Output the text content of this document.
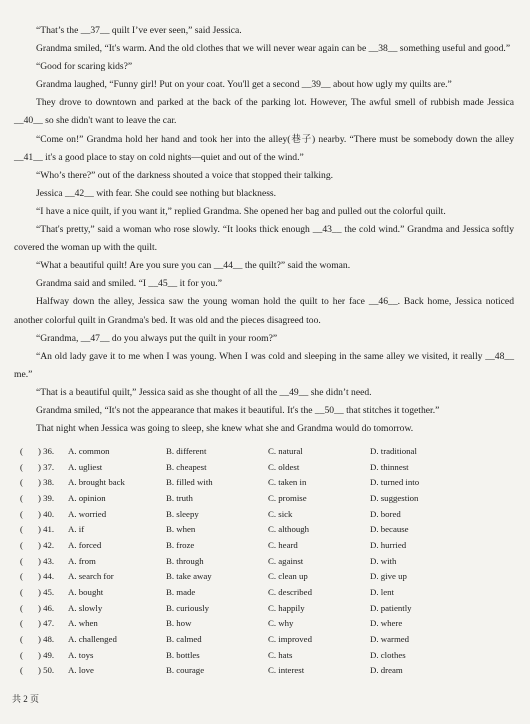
“That’s the __37__ quilt I’ve ever seen,” said Jessica.

Grandma smiled, “It's warm. And the old clothes that we will never wear again can be __38__ something useful and good.”

“Good for scaring kids?”

Grandma laughed, “Funny girl! Put on your coat. You'll get a second __39__ about how ugly my quilts are.”

They drove to downtown and parked at the back of the parking lot. However, The awful smell of rubbish made Jessica __40__ so she didn't want to leave the car.

“Come on!” Grandma hold her hand and took her into the alley(巷子) nearby. “There must be somebody down the alley __41__ it's a good place to stay on cold nights—quiet and out of the wind.”

“Who’s there?” out of the darkness shouted a voice that stopped their talking.

Jessica __42__ with fear. She could see nothing but blackness.

“I have a nice quilt, if you want it,” replied Grandma. She opened her bag and pulled out the colorful quilt.

“That's pretty,” said a woman who rose slowly. “It looks thick enough __43__ the cold wind.” Grandma and Jessica softly covered the woman up with the quilt.

“What a beautiful quilt! Are you sure you can __44__ the quilt?” said the woman.

Grandma said and smiled. “I __45__ it for you.”

Halfway down the alley, Jessica saw the young woman hold the quilt to her face __46__. Back home, Jessica noticed another colorful quilt in Grandma's bed. It was old and the pieces disagreed too.

“Grandma, __47__ do you always put the quilt in your room?”

“An old lady gave it to me when I was young. When I was cold and sleeping in the same alley we visited, it really __48__ me.”

“That is a beautiful quilt,” Jessica said as she thought of all the __49__ she didn’t need.

Grandma smiled, “It's not the appearance that makes it beautiful. It's the __50__ that stitches it together.”

That night when Jessica was going to sleep, she knew what she and Grandma would do tomorrow.

(	) 36.	A. common	B. different	C. natural	D. traditional
(	) 37.	A. ugliest	B. cheapest	C. oldest	D. thinnest
(	) 38.	A. brought back	B. filled with	C. taken in	D. turned into
(	) 39.	A. opinion	B. truth	C. promise	D. suggestion
(	) 40.	A. worried	B. sleepy	C. sick	D. bored
(	) 41.	A. if	B. when	C. although	D. because
(	) 42.	A. forced	B. froze	C. heard	D. hurried
(	) 43.	A. from	B. through	C. against	D. with
(	) 44.	A. search for	B. take away	C. clean up	D. give up
(	) 45.	A. bought	B. made	C. described	D. lent
(	) 46.	A. slowly	B. curiously	C. happily	D. patiently
(	) 47.	A. when	B. how	C. why	D. where
(	) 48.	A. challenged	B. calmed	C. improved	D. warmed
(	) 49.	A. toys	B. bottles	C. hats	D. clothes
(	) 50.	A. love	B. courage	C. interest	D. dream
共 2 页
